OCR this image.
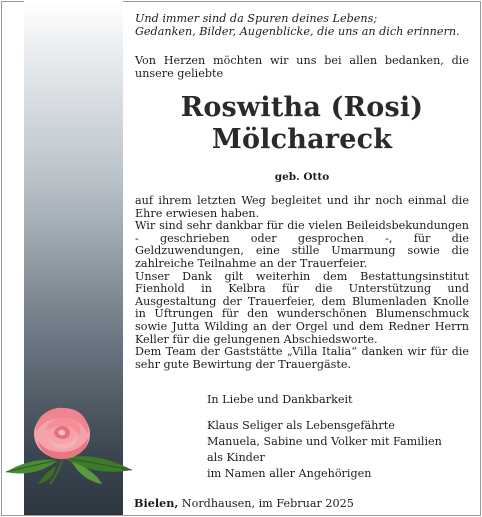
Und immer sind da Spuren deines Lebens;
Gedanken, Bilder, Augenblicke, die uns an dich erinnern.
Von Herzen möchten wir uns bei allen bedanken, die unsere geliebte
Roswitha (Rosi)
Mölchareck
geb. Otto

auf ihrem letzten Weg begleitet und ihr noch einmal die Ehre erwiesen haben.

Wir sind sehr dankbar für die vielen Beileidsbekundungen - geschrieben oder gesprochen -, für die Geldzuwendungen, eine stille Umarmung sowie die zahlreiche Teilnahme an der Trauerfeier.

Unser Dank gilt weiterhin dem Bestattungsinstitut Fienhold in Kelbra für die Unterstützung und Ausgestaltung der Trauerfeier, dem Blumenladen Knolle in Uftrungen für den wunderschönen Blumenschmuck sowie Jutta Wilding an der Orgel und dem Redner Herrn Keller für die gelungenen Abschiedsworte.

Dem Team der Gaststätte „Villa Italia“ danken wir für die sehr gute Bewirtung der Trauergäste.

In Liebe und Dankbarkeit
Klaus Seliger als Lebensgefährte
Manuela, Sabine und Volker mit Familien
als Kinder
im Namen aller Angehörigen
Bielen, Nordhausen, im Februar 2025
